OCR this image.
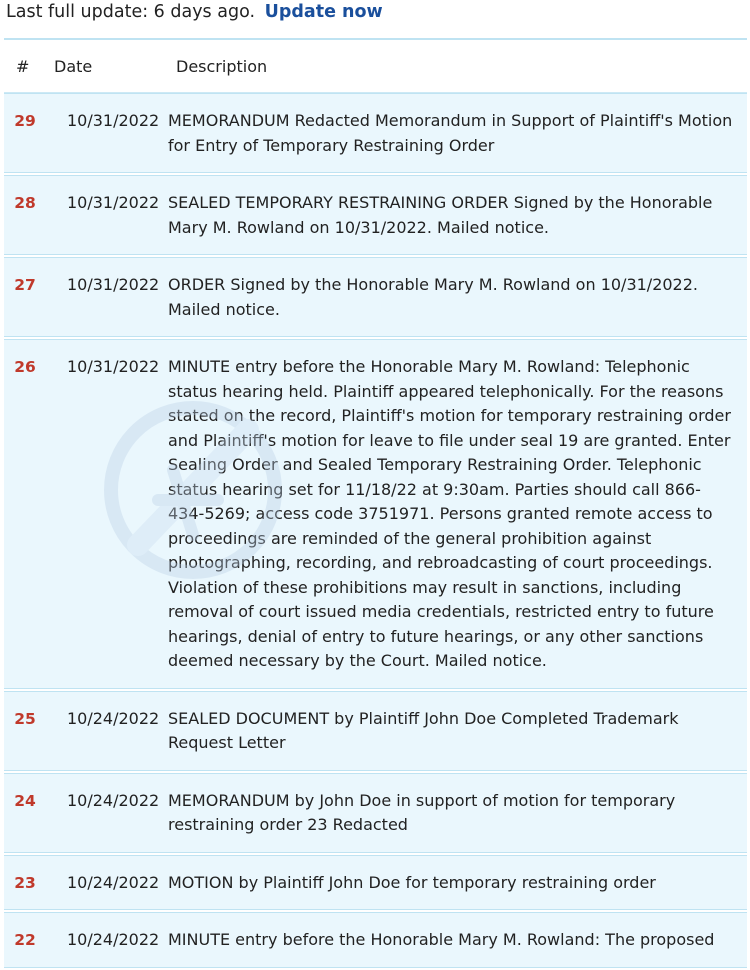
Last full update: 6 days ago. Update now
# Date	Description
29	10/31/2022 MEMORANDUM Redacted Memorandum in Support of Plaintiff's Motion for Entry of Temporary Restraining Order
28	10/31/2022 SEALED TEMPORARY RESTRAINING ORDER Signed by the Honorable Mary M. Rowland on 10/31/2022. Mailed notice.
27	10/31/2022 ORDER Signed by the Honorable Mary M. Rowland on 10/31/2022. Mailed notice.
26	10/31/2022 MINUTE entry before the Honorable Mary M. Rowland: Telephonic status hearing held. Plaintiff appeared telephonically. For the reasons stated on the record, Plaintiff's motion for temporary restraining order and Plaintiff's motion for leave to file under seal 19 are granted. Enter Sealing Order and Sealed Temporary Restraining Order. Telephonic status hearing set for 11/18/22 at 9:30am. Parties should call 866-434-5269; access code 3751971. Persons granted remote access to proceedings are reminded of the general prohibition against photographing, recording, and rebroadcasting of court proceedings. Violation of these prohibitions may result in sanctions, including removal of court issued media credentials, restricted entry to future hearings, denial of entry to future hearings, or any other sanctions deemed necessary by the Court. Mailed notice.
25	10/24/2022 SEALED DOCUMENT by Plaintiff John Doe Completed Trademark Request Letter
24	10/24/2022 MEMORANDUM by John Doe in support of motion for temporary restraining order 23 Redacted
23	10/24/2022 MOTION by Plaintiff John Doe for temporary restraining order
22	10/24/2022 MINUTE entry before the Honorable Mary M. Rowland: The proposed
